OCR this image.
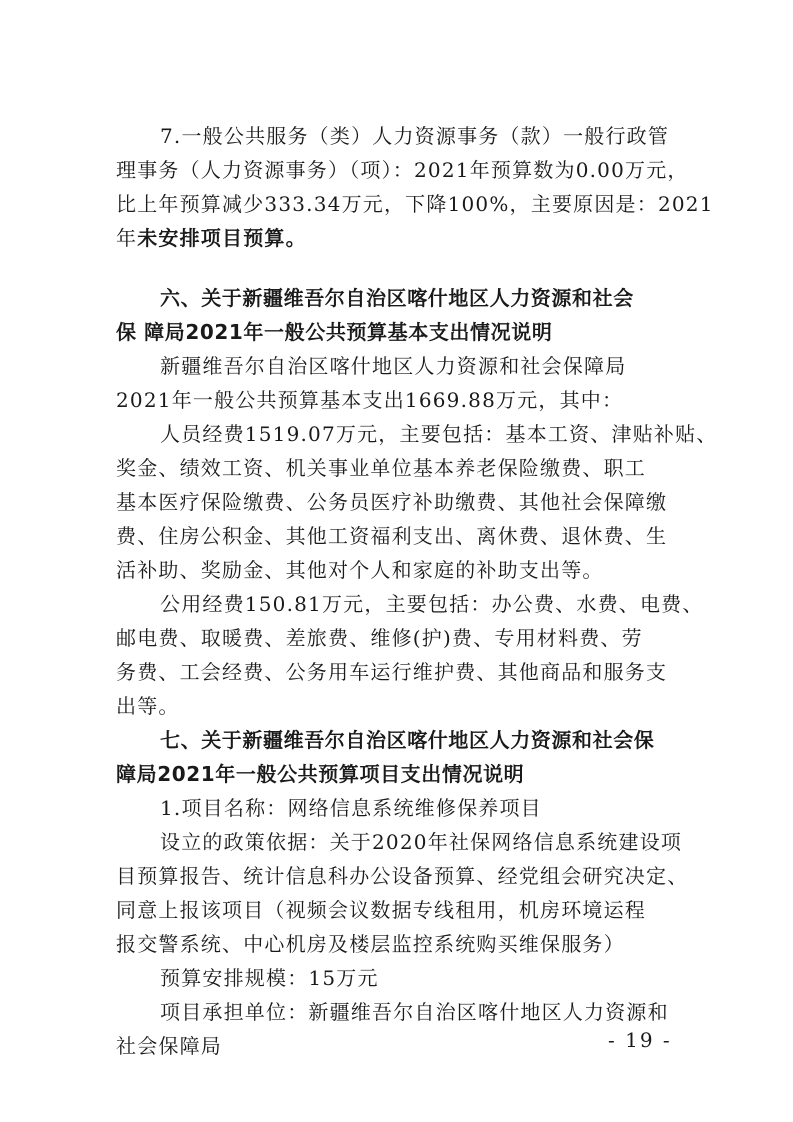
7.一般公共服务（类）人力资源事务（款）一般行政管
理事务（人力资源事务）（项）：2021年预算数为0.00万元，
比上年预算减少333.34万元，下降100%，主要原因是：2021
年未安排项目预算。
六、关于新疆维吾尔自治区喀什地区人力资源和社会
保 障局2021年一般公共预算基本支出情况说明
新疆维吾尔自治区喀什地区人力资源和社会保障局
2021年一般公共预算基本支出1669.88万元，其中：
人员经费1519.07万元，主要包括：基本工资、津贴补贴、
奖金、绩效工资、机关事业单位基本养老保险缴费、职工
基本医疗保险缴费、公务员医疗补助缴费、其他社会保障缴
费、住房公积金、其他工资福利支出、离休费、退休费、生
活补助、奖励金、其他对个人和家庭的补助支出等。
公用经费150.81万元，主要包括：办公费、水费、电费、
邮电费、取暖费、差旅费、维修(护)费、专用材料费、劳
务费、工会经费、公务用车运行维护费、其他商品和服务支
出等。
七、关于新疆维吾尔自治区喀什地区人力资源和社会保
障局2021年一般公共预算项目支出情况说明
1.项目名称：网络信息系统维修保养项目
设立的政策依据：关于2020年社保网络信息系统建设项
目预算报告、统计信息科办公设备预算、经党组会研究决定、
同意上报该项目（视频会议数据专线租用，机房环境运程
报交警系统、中心机房及楼层监控系统购买维保服务）
预算安排规模：15万元
项目承担单位：新疆维吾尔自治区喀什地区人力资源和
社会保障局	- 19 -
